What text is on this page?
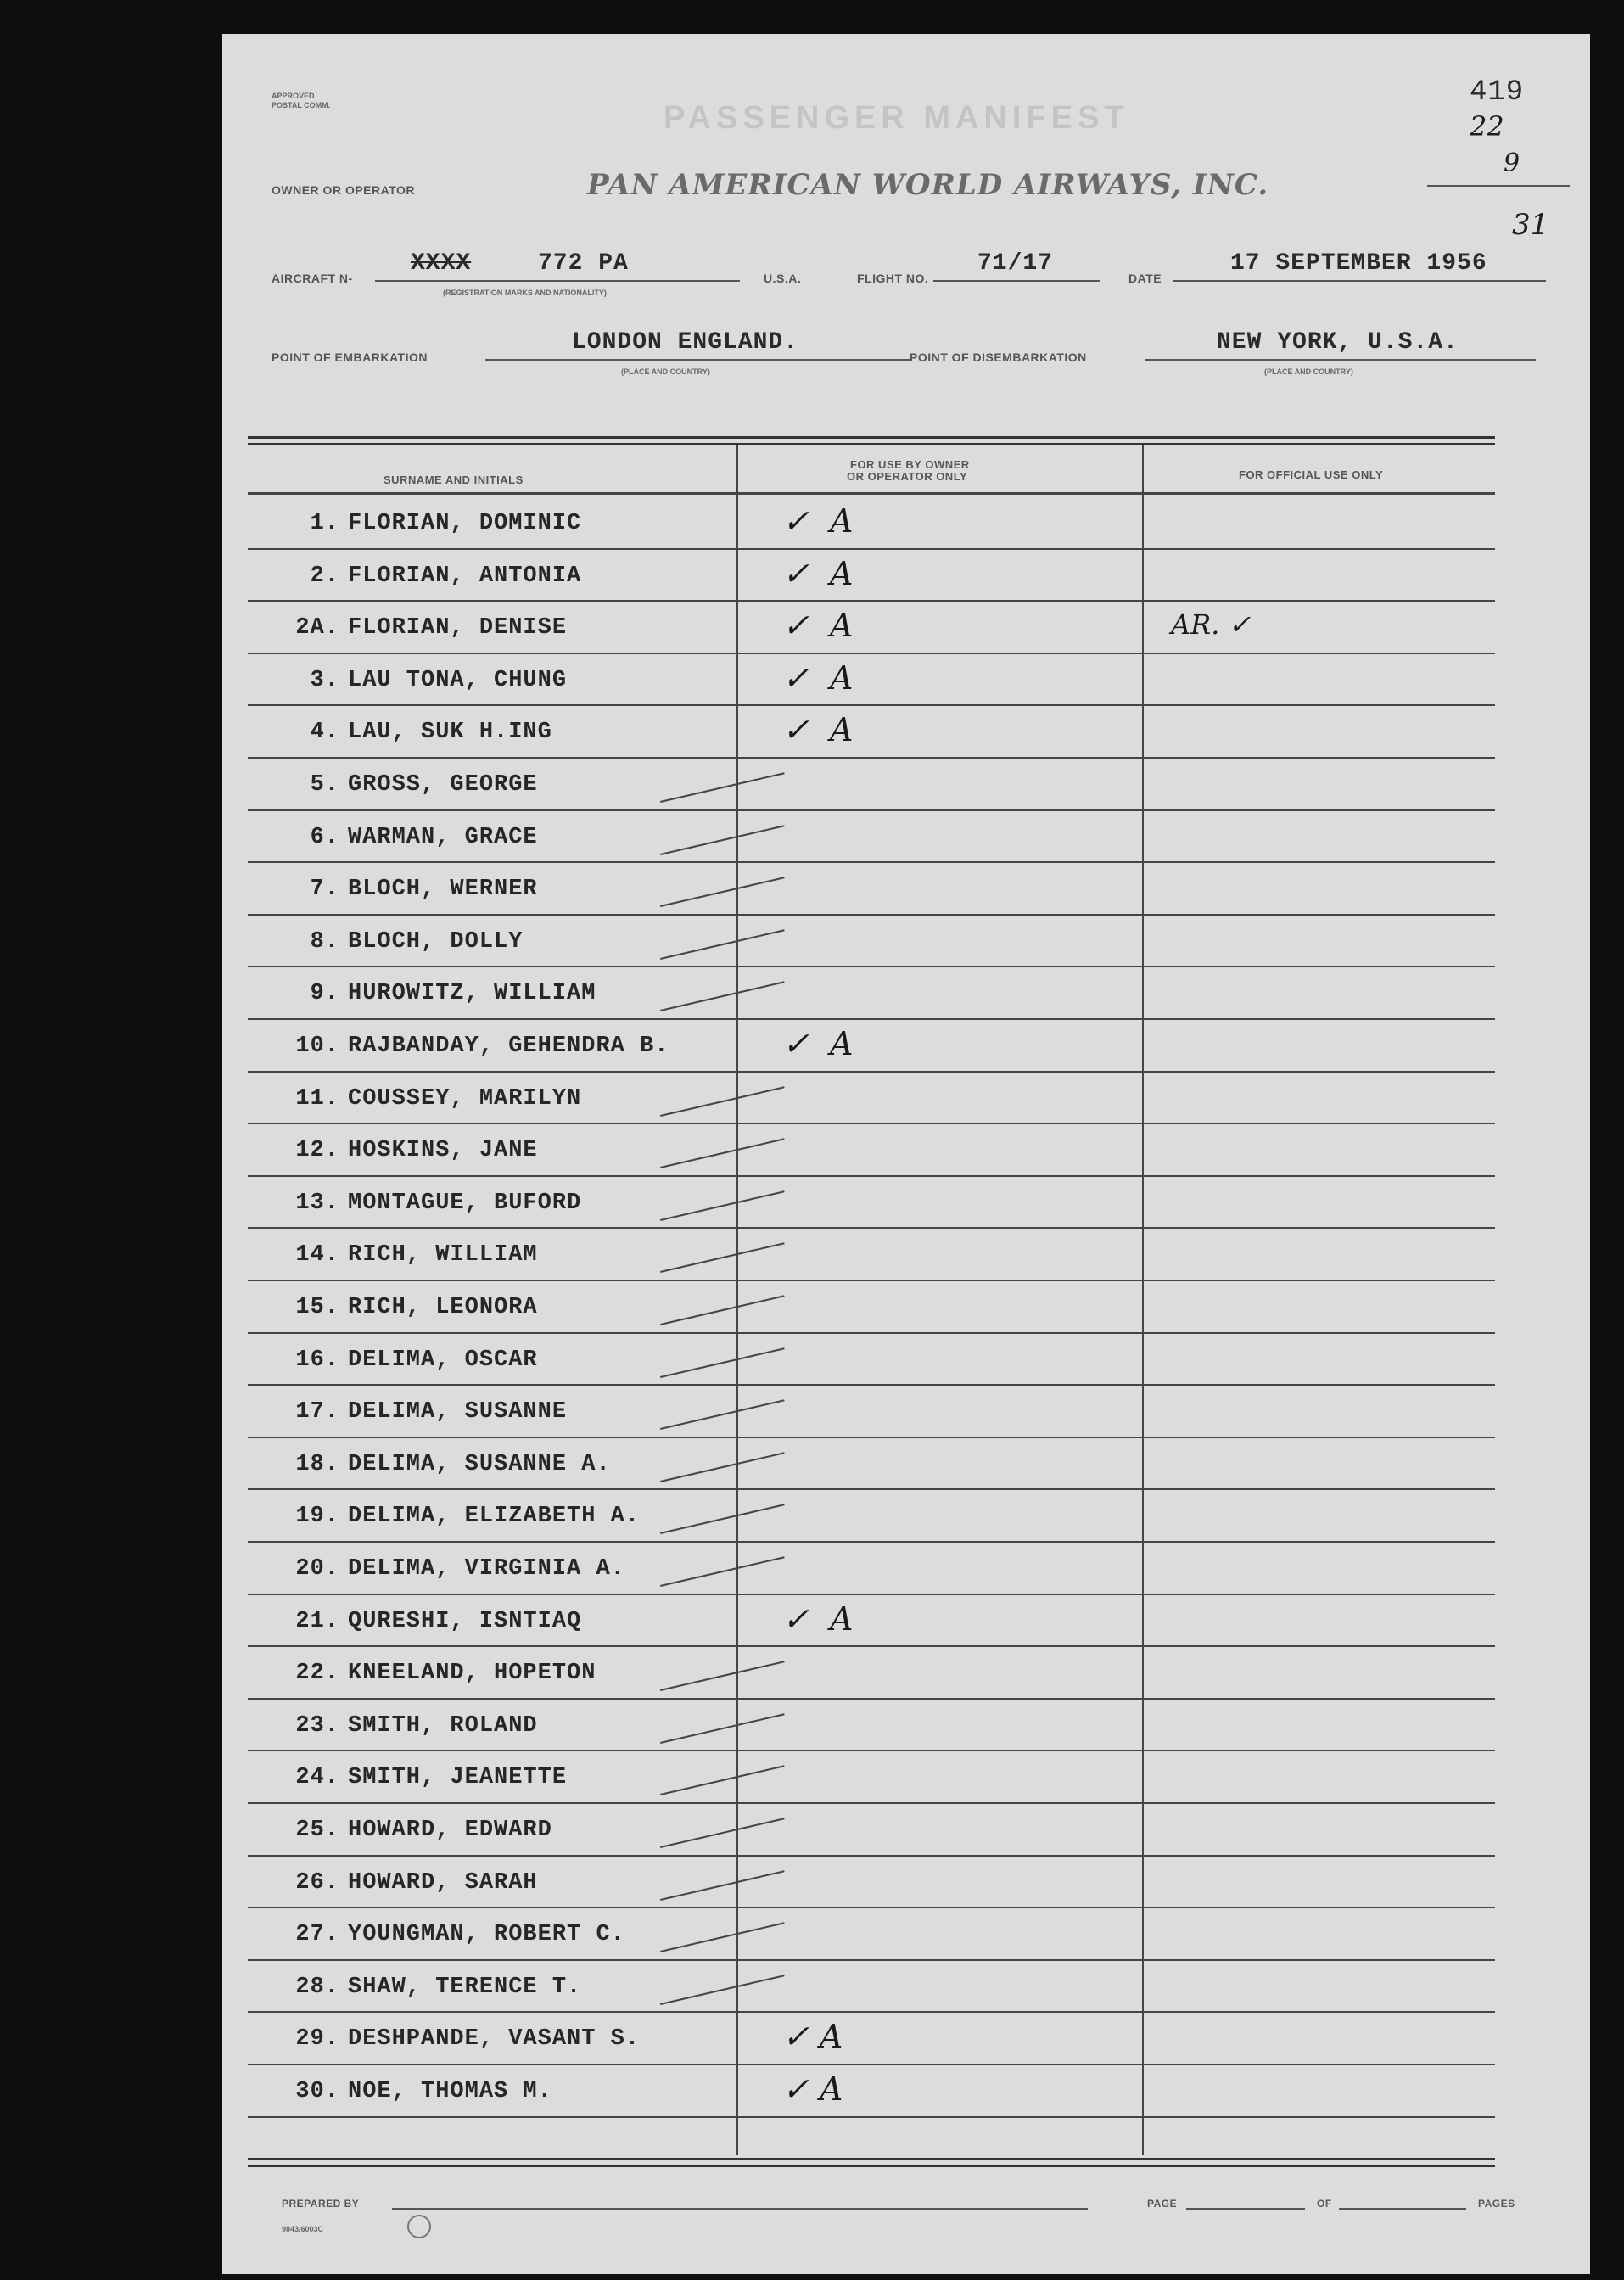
APPROVED
POSTAL COMM.	PASSENGER MANIFEST
419
22
9
31
OWNER OR OPERATOR	PAN AMERICAN WORLD AIRWAYS, INC.
AIRCRAFT N-
XXXX	772 PA
(REGISTRATION MARKS AND NATIONALITY)
U.S.A.	FLIGHT NO.
71/17
DATE
17 SEPTEMBER 1956
POINT OF EMBARKATION
LONDON ENGLAND.
(PLACE AND COUNTRY)
POINT OF DISEMBARKATION
NEW YORK, U.S.A.
(PLACE AND COUNTRY)
SURNAME AND INITIALS
FOR USE BY OWNER
OR OPERATOR ONLY	FOR OFFICIAL USE ONLY
1. FLORIAN, DOMINIC	✓  A
2. FLORIAN, ANTONIA	✓  A
2A. FLORIAN, DENISE	✓  A	AR. ✓
3. LAU TONA, CHUNG	✓  A
4. LAU, SUK H.ING	✓  A
5. GROSS, GEORGE
6. WARMAN, GRACE
7. BLOCH, WERNER
8. BLOCH, DOLLY
9. HUROWITZ, WILLIAM
10. RAJBANDAY, GEHENDRA B.	✓  A
11. COUSSEY, MARILYN
12. HOSKINS, JANE
13. MONTAGUE, BUFORD
14. RICH, WILLIAM
15. RICH, LEONORA
16. DELIMA, OSCAR
17. DELIMA, SUSANNE
18. DELIMA, SUSANNE A.
19. DELIMA, ELIZABETH A.
20. DELIMA, VIRGINIA A.
21. QURESHI, ISNTIAQ	✓  A
22. KNEELAND, HOPETON
23. SMITH, ROLAND
24. SMITH, JEANETTE
25. HOWARD, EDWARD
26. HOWARD, SARAH
27. YOUNGMAN, ROBERT C.
28. SHAW, TERENCE T.
29. DESHPANDE, VASANT S.	✓ A
30. NOE, THOMAS M.	✓ A
PREPARED BY	PAGE	OF	PAGES
9843/6003C
